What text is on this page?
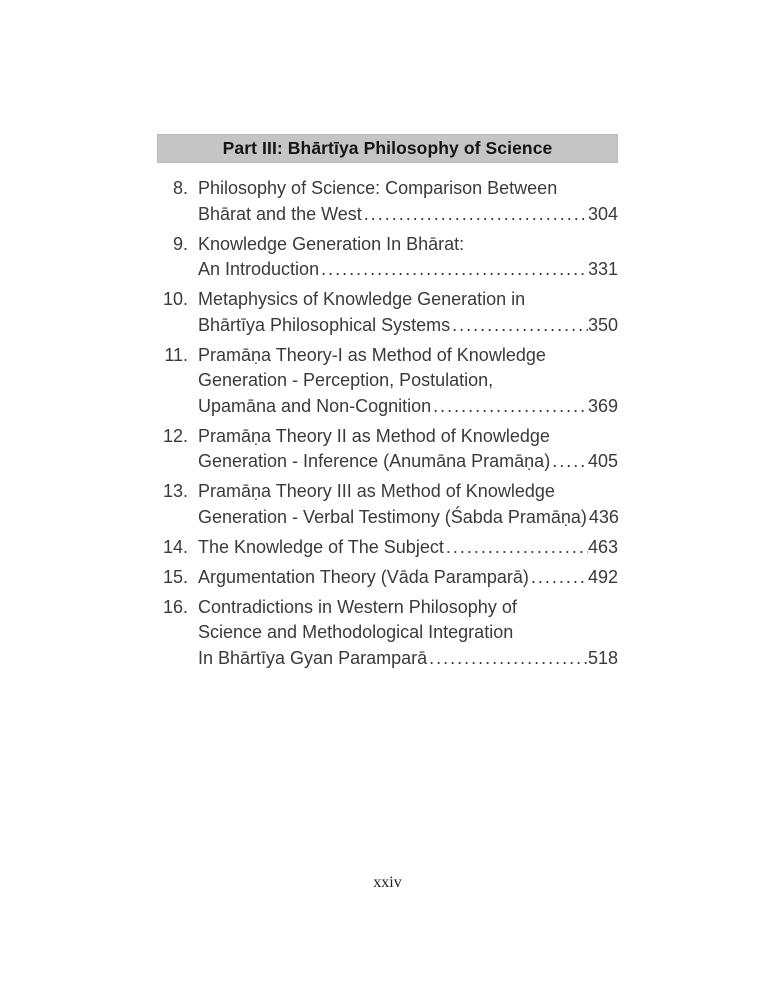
Part III: Bhārtīya Philosophy of Science
8. Philosophy of Science: Comparison Between
Bhārat and the West .....	304
9. Knowledge Generation In Bhārat:
An Introduction .....	331
10. Metaphysics of Knowledge Generation in
Bhārtīya Philosophical Systems .....	350
11. Pramāṇa Theory-I as Method of Knowledge
Generation - Perception, Postulation,
Upamāna and Non-Cognition .....	369
12. Pramāṇa Theory II as Method of Knowledge
Generation - Inference (Anumāna Pramāṇa) ..... 405
13. Pramāṇa Theory III as Method of Knowledge
Generation - Verbal Testimony (Śabda Pramāṇa) 436
14. The Knowledge of The Subject .....	463
15. Argumentation Theory (Vāda Paramparā) .....	492
16. Contradictions in Western Philosophy of
Science and Methodological Integration
In Bhārtīya Gyan Paramparā .....	518
xxiv
